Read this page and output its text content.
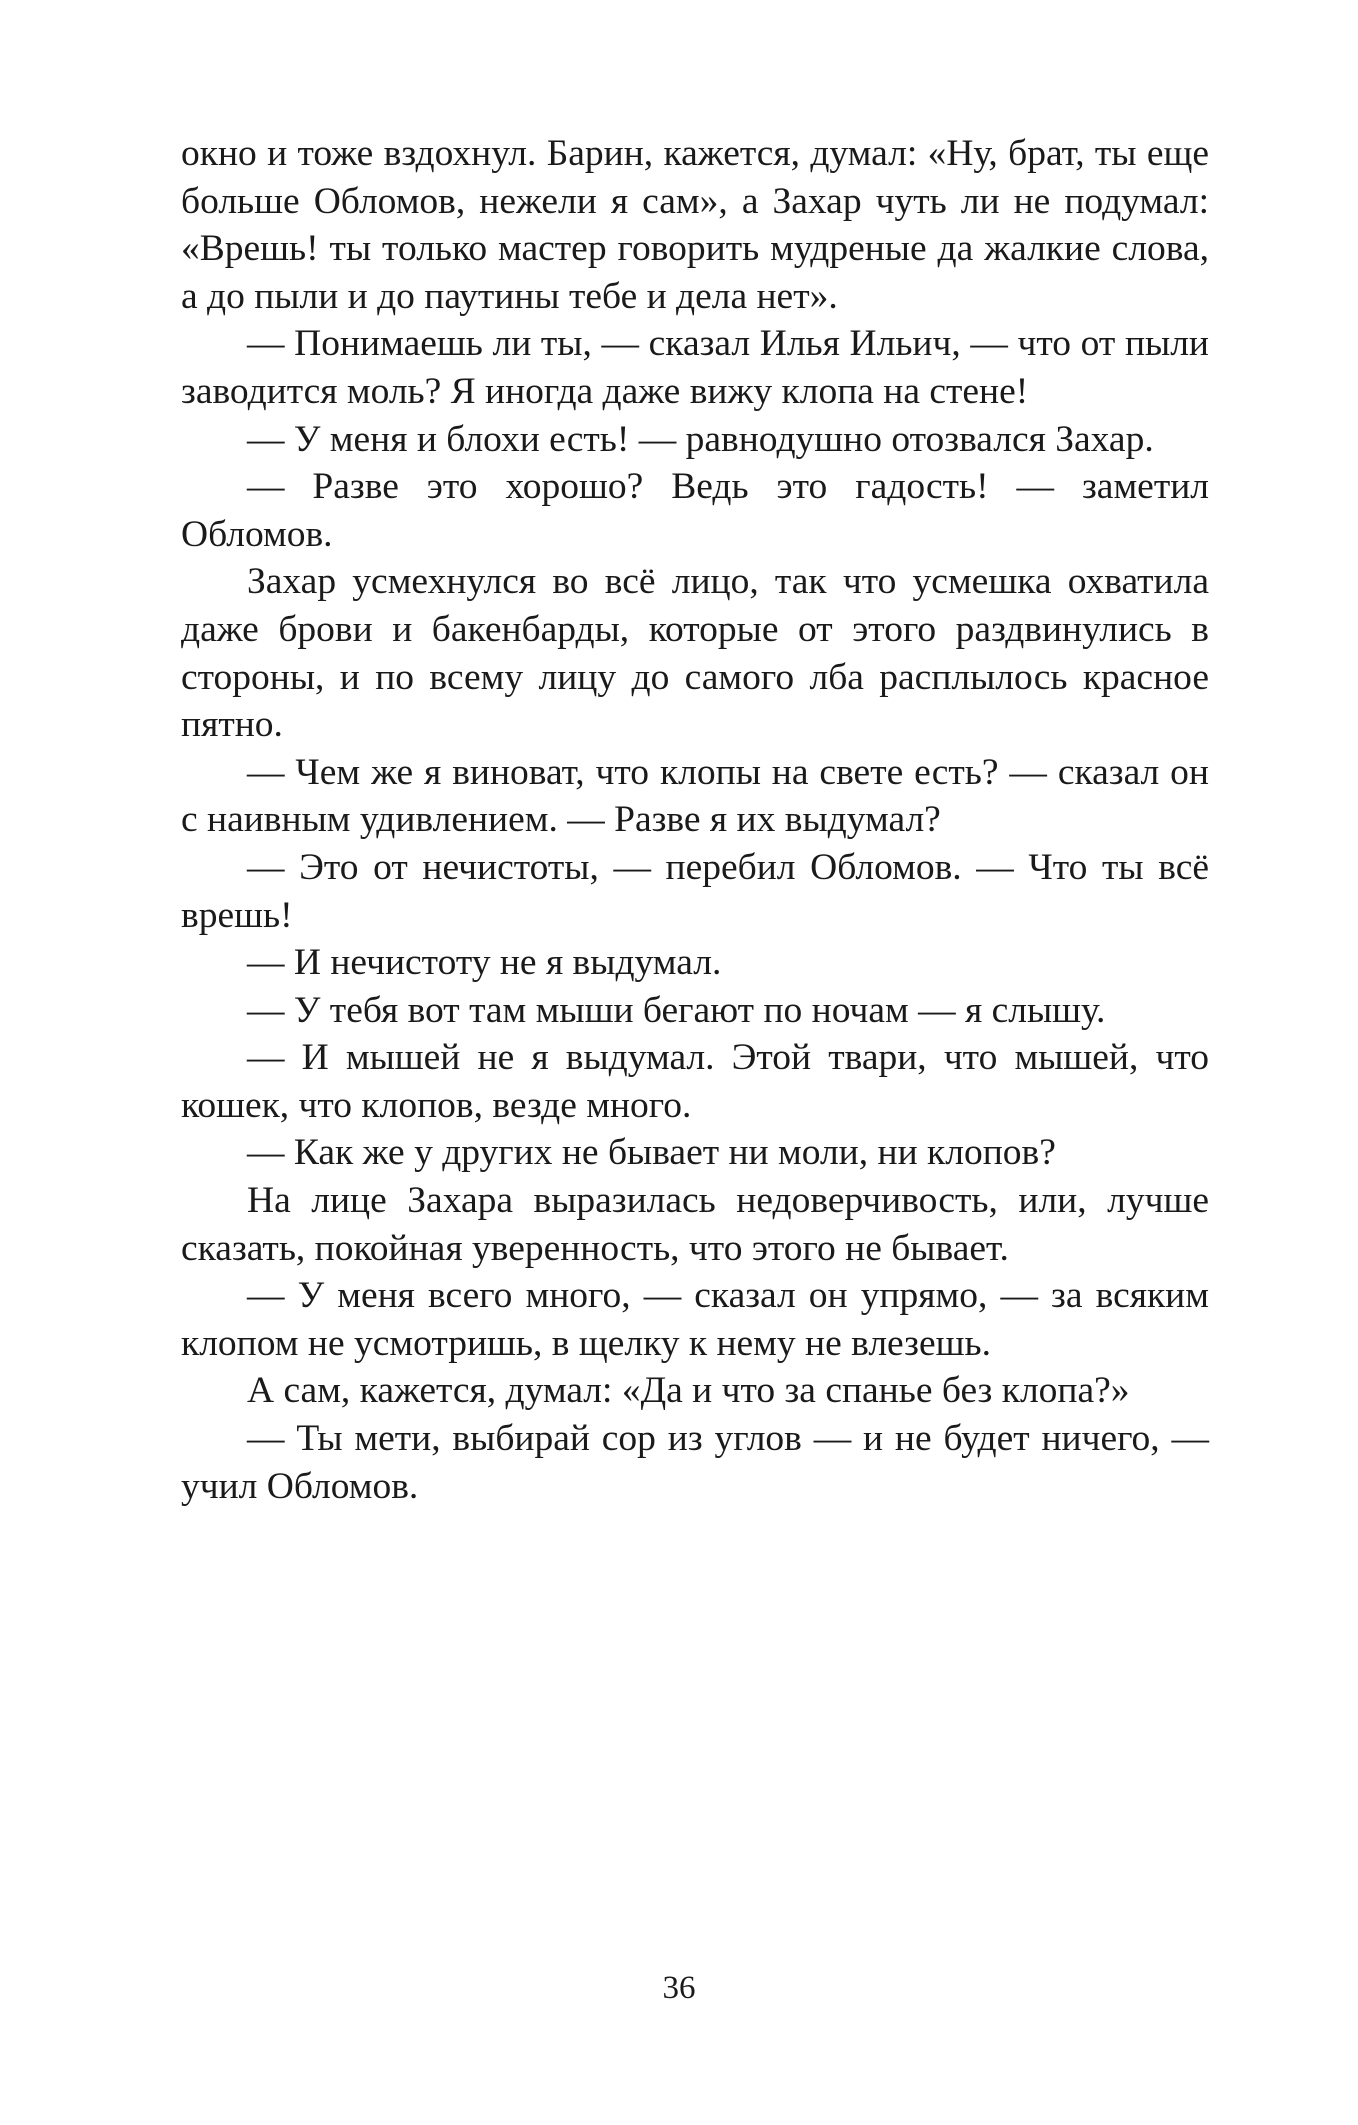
окно и тоже вздохнул. Барин, кажется, думал: «Ну, брат, ты еще больше Обломов, нежели я сам», а Захар чуть ли не подумал: «Врешь! ты только мастер говорить мудреные да жалкие слова, а до пыли и до паутины тебе и дела нет».

— Понимаешь ли ты, — сказал Илья Ильич, — что от пыли заводится моль? Я иногда даже вижу клопа на стене!

— У меня и блохи есть! — равнодушно отозвался Захар.

— Разве это хорошо? Ведь это гадость! — заметил Обломов.

Захар усмехнулся во всё лицо, так что усмешка охватила даже брови и бакенбарды, которые от этого раздвинулись в стороны, и по всему лицу до самого лба расплылось красное пятно.

— Чем же я виноват, что клопы на свете есть? — сказал он с наивным удивлением. — Разве я их выдумал?

— Это от нечистоты, — перебил Обломов. — Что ты всё врешь!

— И нечистоту не я выдумал.

— У тебя вот там мыши бегают по ночам — я слышу.

— И мышей не я выдумал. Этой твари, что мышей, что кошек, что клопов, везде много.

— Как же у других не бывает ни моли, ни клопов?

На лице Захара выразилась недоверчивость, или, лучше сказать, покойная уверенность, что этого не бывает.

— У меня всего много, — сказал он упрямо, — за всяким клопом не усмотришь, в щелку к нему не влезешь.

А сам, кажется, думал: «Да и что за спанье без клопа?»

— Ты мети, выбирай сор из углов — и не будет ничего, — учил Обломов.

36
